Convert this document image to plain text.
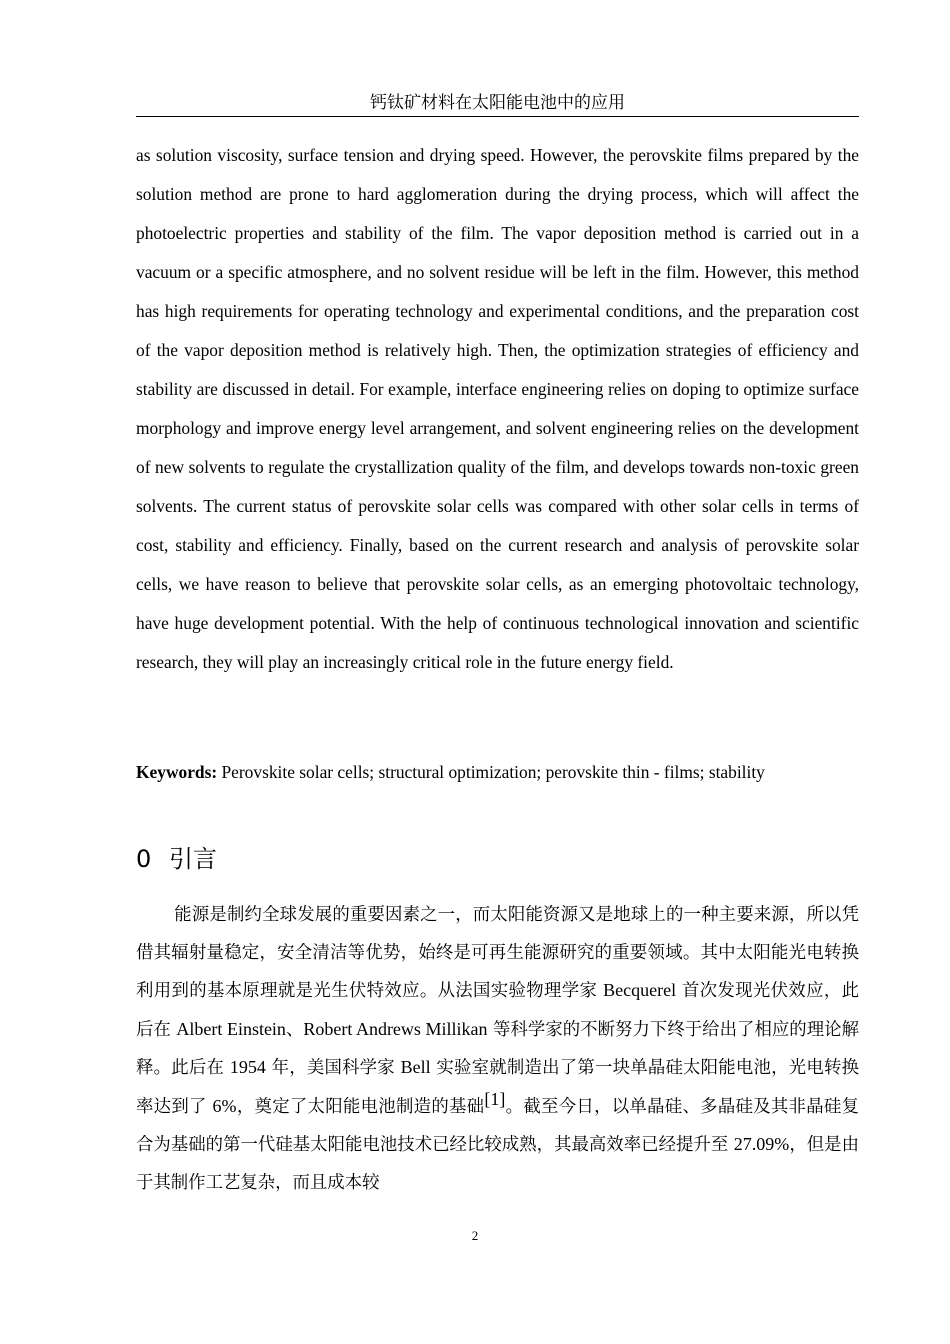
钙钛矿材料在太阳能电池中的应用

as solution viscosity, surface tension and drying speed. However, the perovskite films prepared by the solution method are prone to hard agglomeration during the drying process, which will affect the photoelectric properties and stability of the film. The vapor deposition method is carried out in a vacuum or a specific atmosphere, and no solvent residue will be left in the film. However, this method has high requirements for operating technology and experimental conditions, and the preparation cost of the vapor deposition method is relatively high. Then, the optimization strategies of efficiency and stability are discussed in detail. For example, interface engineering relies on doping to optimize surface morphology and improve energy level arrangement, and solvent engineering relies on the development of new solvents to regulate the crystallization quality of the film, and develops towards non-toxic green solvents. The current status of perovskite solar cells was compared with other solar cells in terms of cost, stability and efficiency. Finally, based on the current research and analysis of perovskite solar cells, we have reason to believe that perovskite solar cells, as an emerging photovoltaic technology, have huge development potential. With the help of continuous technological innovation and scientific research, they will play an increasingly critical role in the future energy field.

Keywords: Perovskite solar cells; structural optimization; perovskite thin - films; stability

0 引言

能源是制约全球发展的重要因素之一，而太阳能资源又是地球上的一种主要来源，所以凭借其辐射量稳定，安全清洁等优势，始终是可再生能源研究的重要领域。其中太阳能光电转换利用到的基本原理就是光生伏特效应。从法国实验物理学家 Becquerel 首次发现光伏效应，此后在 Albert Einstein、Robert Andrews Millikan 等科学家的不断努力下终于给出了相应的理论解释。此后在 1954 年，美国科学家 Bell 实验室就制造出了第一块单晶硅太阳能电池，光电转换率达到了 6%，奠定了太阳能电池制造的基础[1]。截至今日，以单晶硅、多晶硅及其非晶硅复合为基础的第一代硅基太阳能电池技术已经比较成熟，其最高效率已经提升至 27.09%，但是由于其制作工艺复杂，而且成本较

2
